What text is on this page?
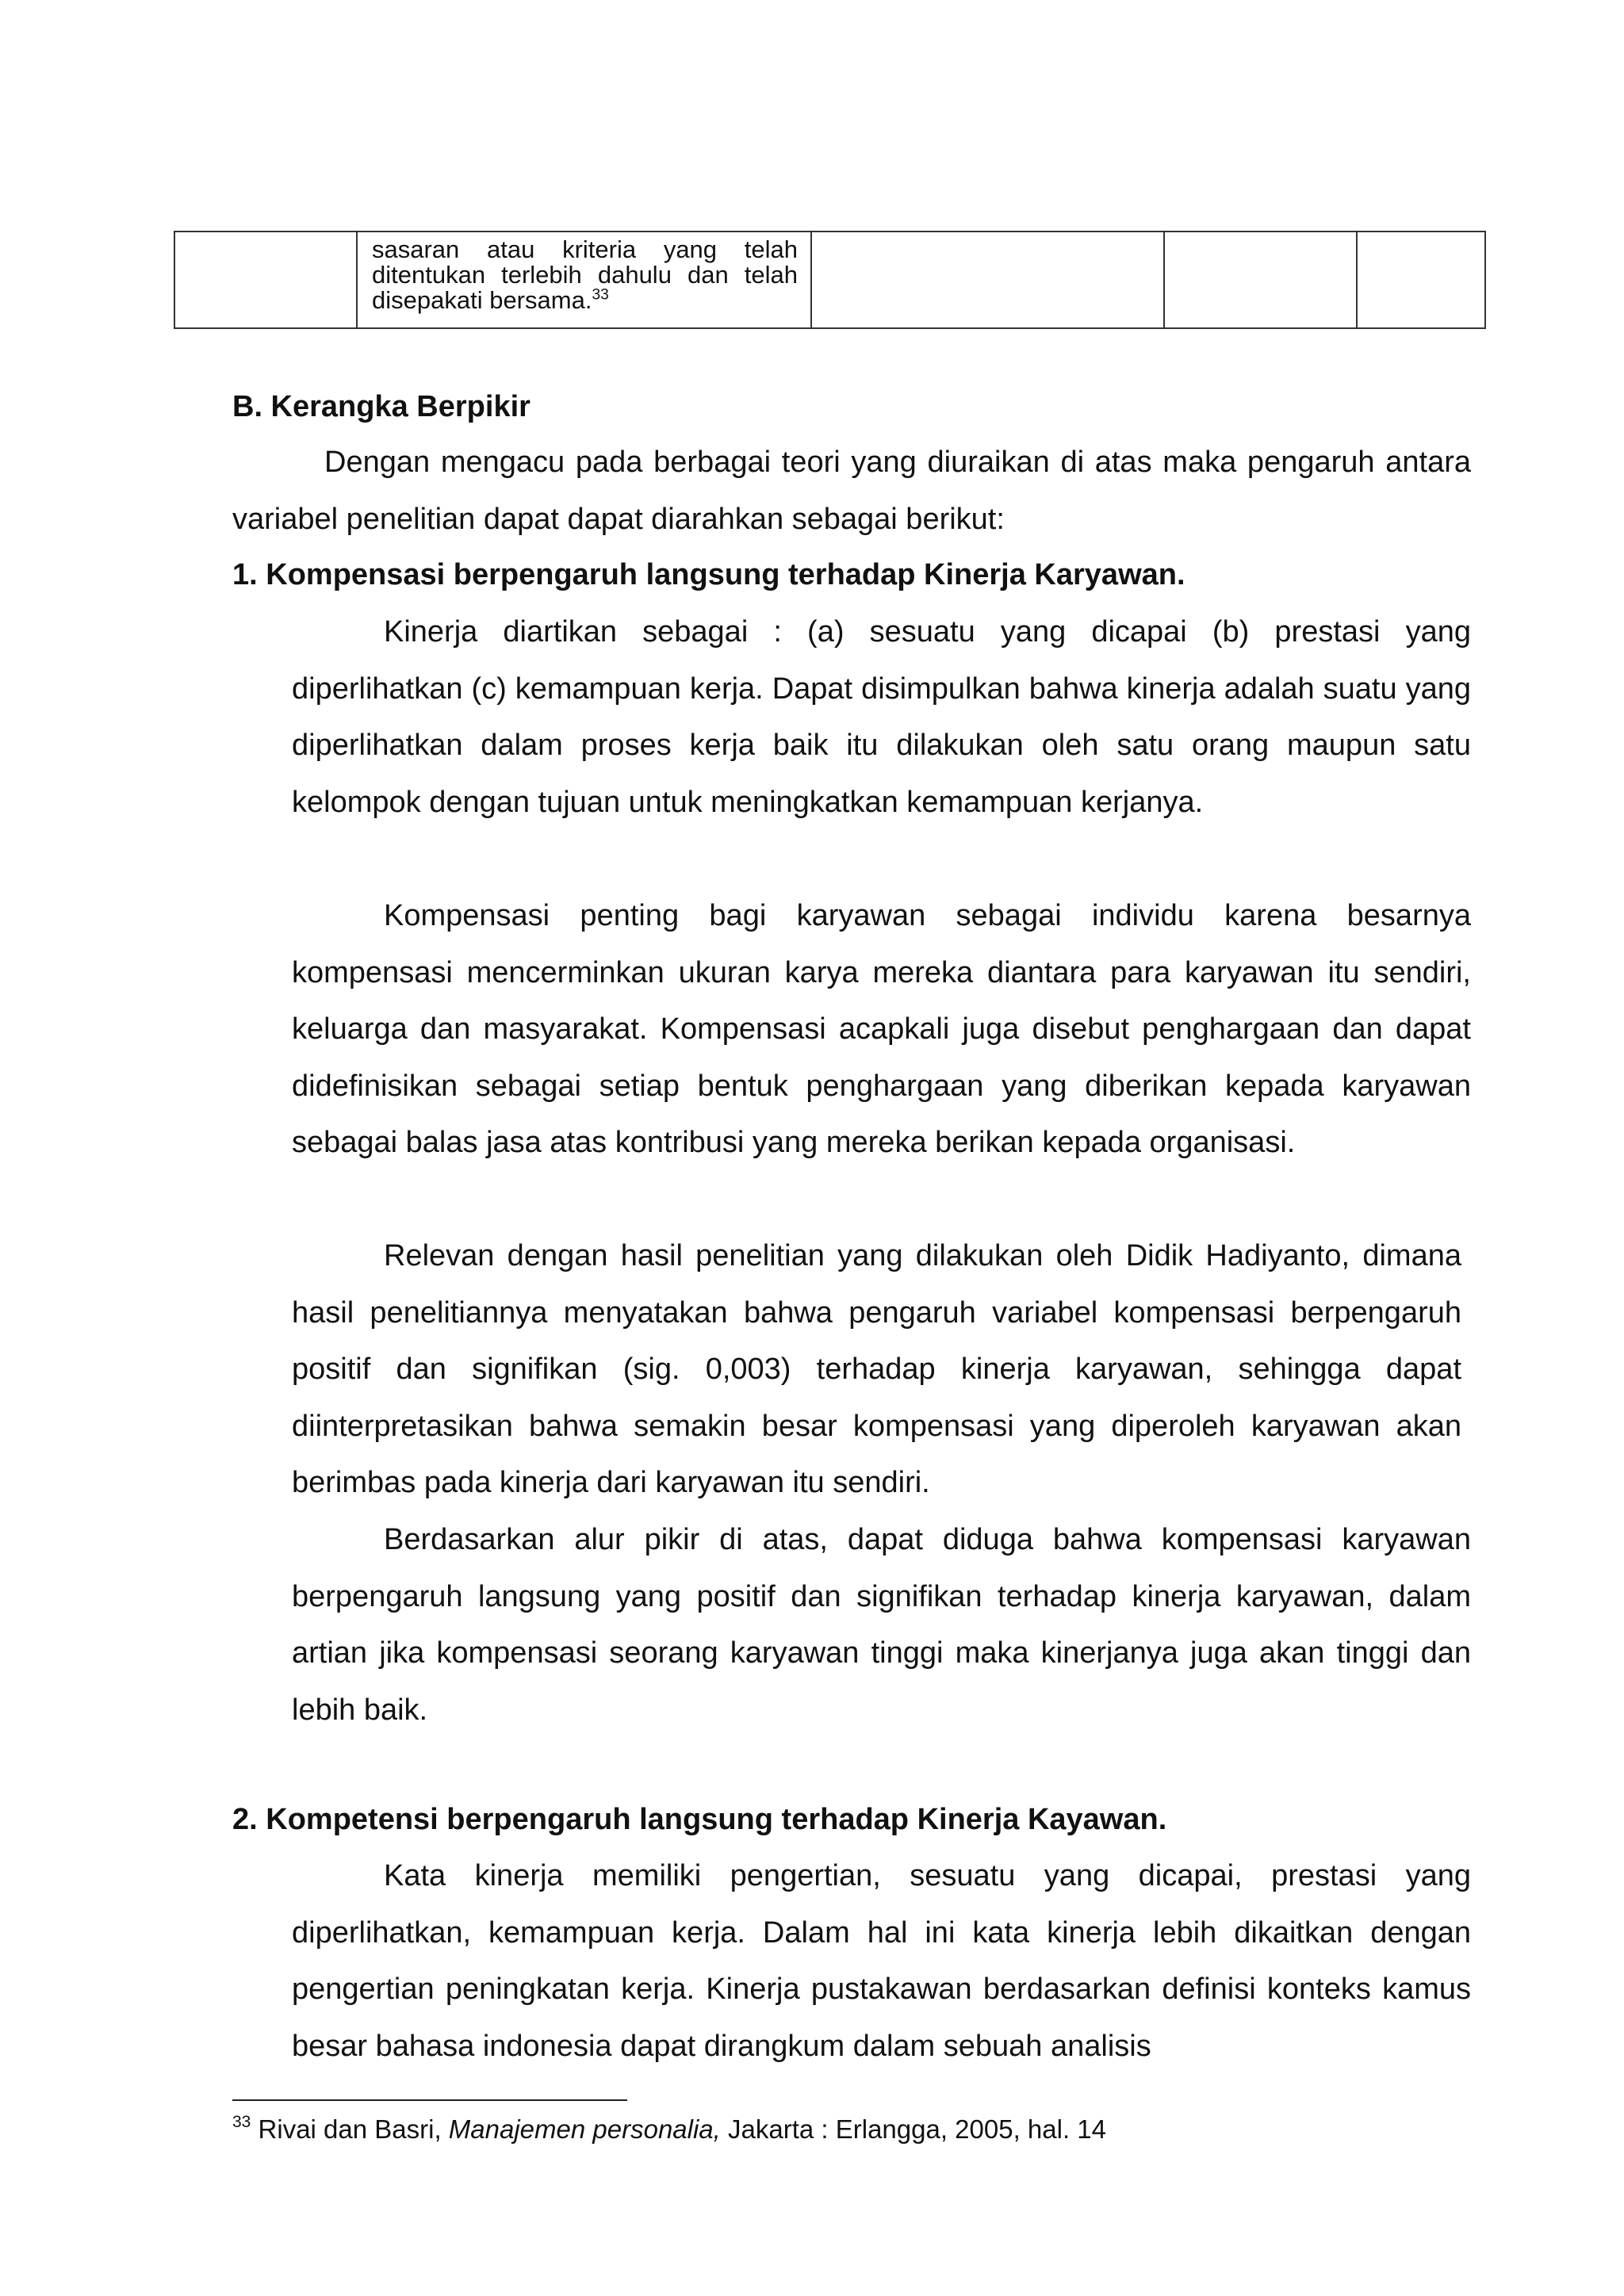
sasaran atau kriteria yang telah ditentukan terlebih dahulu dan telah disepakati bersama.$^{33}$

B. Kerangka Berpikir

Dengan mengacu pada berbagai teori yang diuraikan di atas maka pengaruh antara variabel penelitian dapat dapat diarahkan sebagai berikut:

1. Kompensasi berpengaruh langsung terhadap Kinerja Karyawan.

Kinerja diartikan sebagai : (a) sesuatu yang dicapai (b) prestasi yang diperlihatkan (c) kemampuan kerja. Dapat disimpulkan bahwa kinerja adalah suatu yang diperlihatkan dalam proses kerja baik itu dilakukan oleh satu orang maupun satu kelompok dengan tujuan untuk meningkatkan kemampuan kerjanya.

Kompensasi penting bagi karyawan sebagai individu karena besarnya kompensasi mencerminkan ukuran karya mereka diantara para karyawan itu sendiri, keluarga dan masyarakat. Kompensasi acapkali juga disebut penghargaan dan dapat didefinisikan sebagai setiap bentuk penghargaan yang diberikan kepada karyawan sebagai balas jasa atas kontribusi yang mereka berikan kepada organisasi.

Relevan dengan hasil penelitian yang dilakukan oleh Didik Hadiyanto, dimana hasil penelitiannya menyatakan bahwa pengaruh variabel kompensasi berpengaruh positif dan signifikan (sig. 0,003) terhadap kinerja karyawan, sehingga dapat diinterpretasikan bahwa semakin besar kompensasi yang diperoleh karyawan akan berimbas pada kinerja dari karyawan itu sendiri.

Berdasarkan alur pikir di atas, dapat diduga bahwa kompensasi karyawan berpengaruh langsung yang positif dan signifikan terhadap kinerja karyawan, dalam artian jika kompensasi seorang karyawan tinggi maka kinerjanya juga akan tinggi dan lebih baik.

2. Kompetensi berpengaruh langsung terhadap Kinerja Kayawan.

Kata kinerja memiliki pengertian, sesuatu yang dicapai, prestasi yang diperlihatkan, kemampuan kerja. Dalam hal ini kata kinerja lebih dikaitkan dengan pengertian peningkatan kerja. Kinerja pustakawan berdasarkan definisi konteks kamus besar bahasa indonesia dapat dirangkum dalam sebuah analisis

$^{33}$ Rivai dan Basri, Manajemen personalia, Jakarta : Erlangga, 2005, hal. 14
